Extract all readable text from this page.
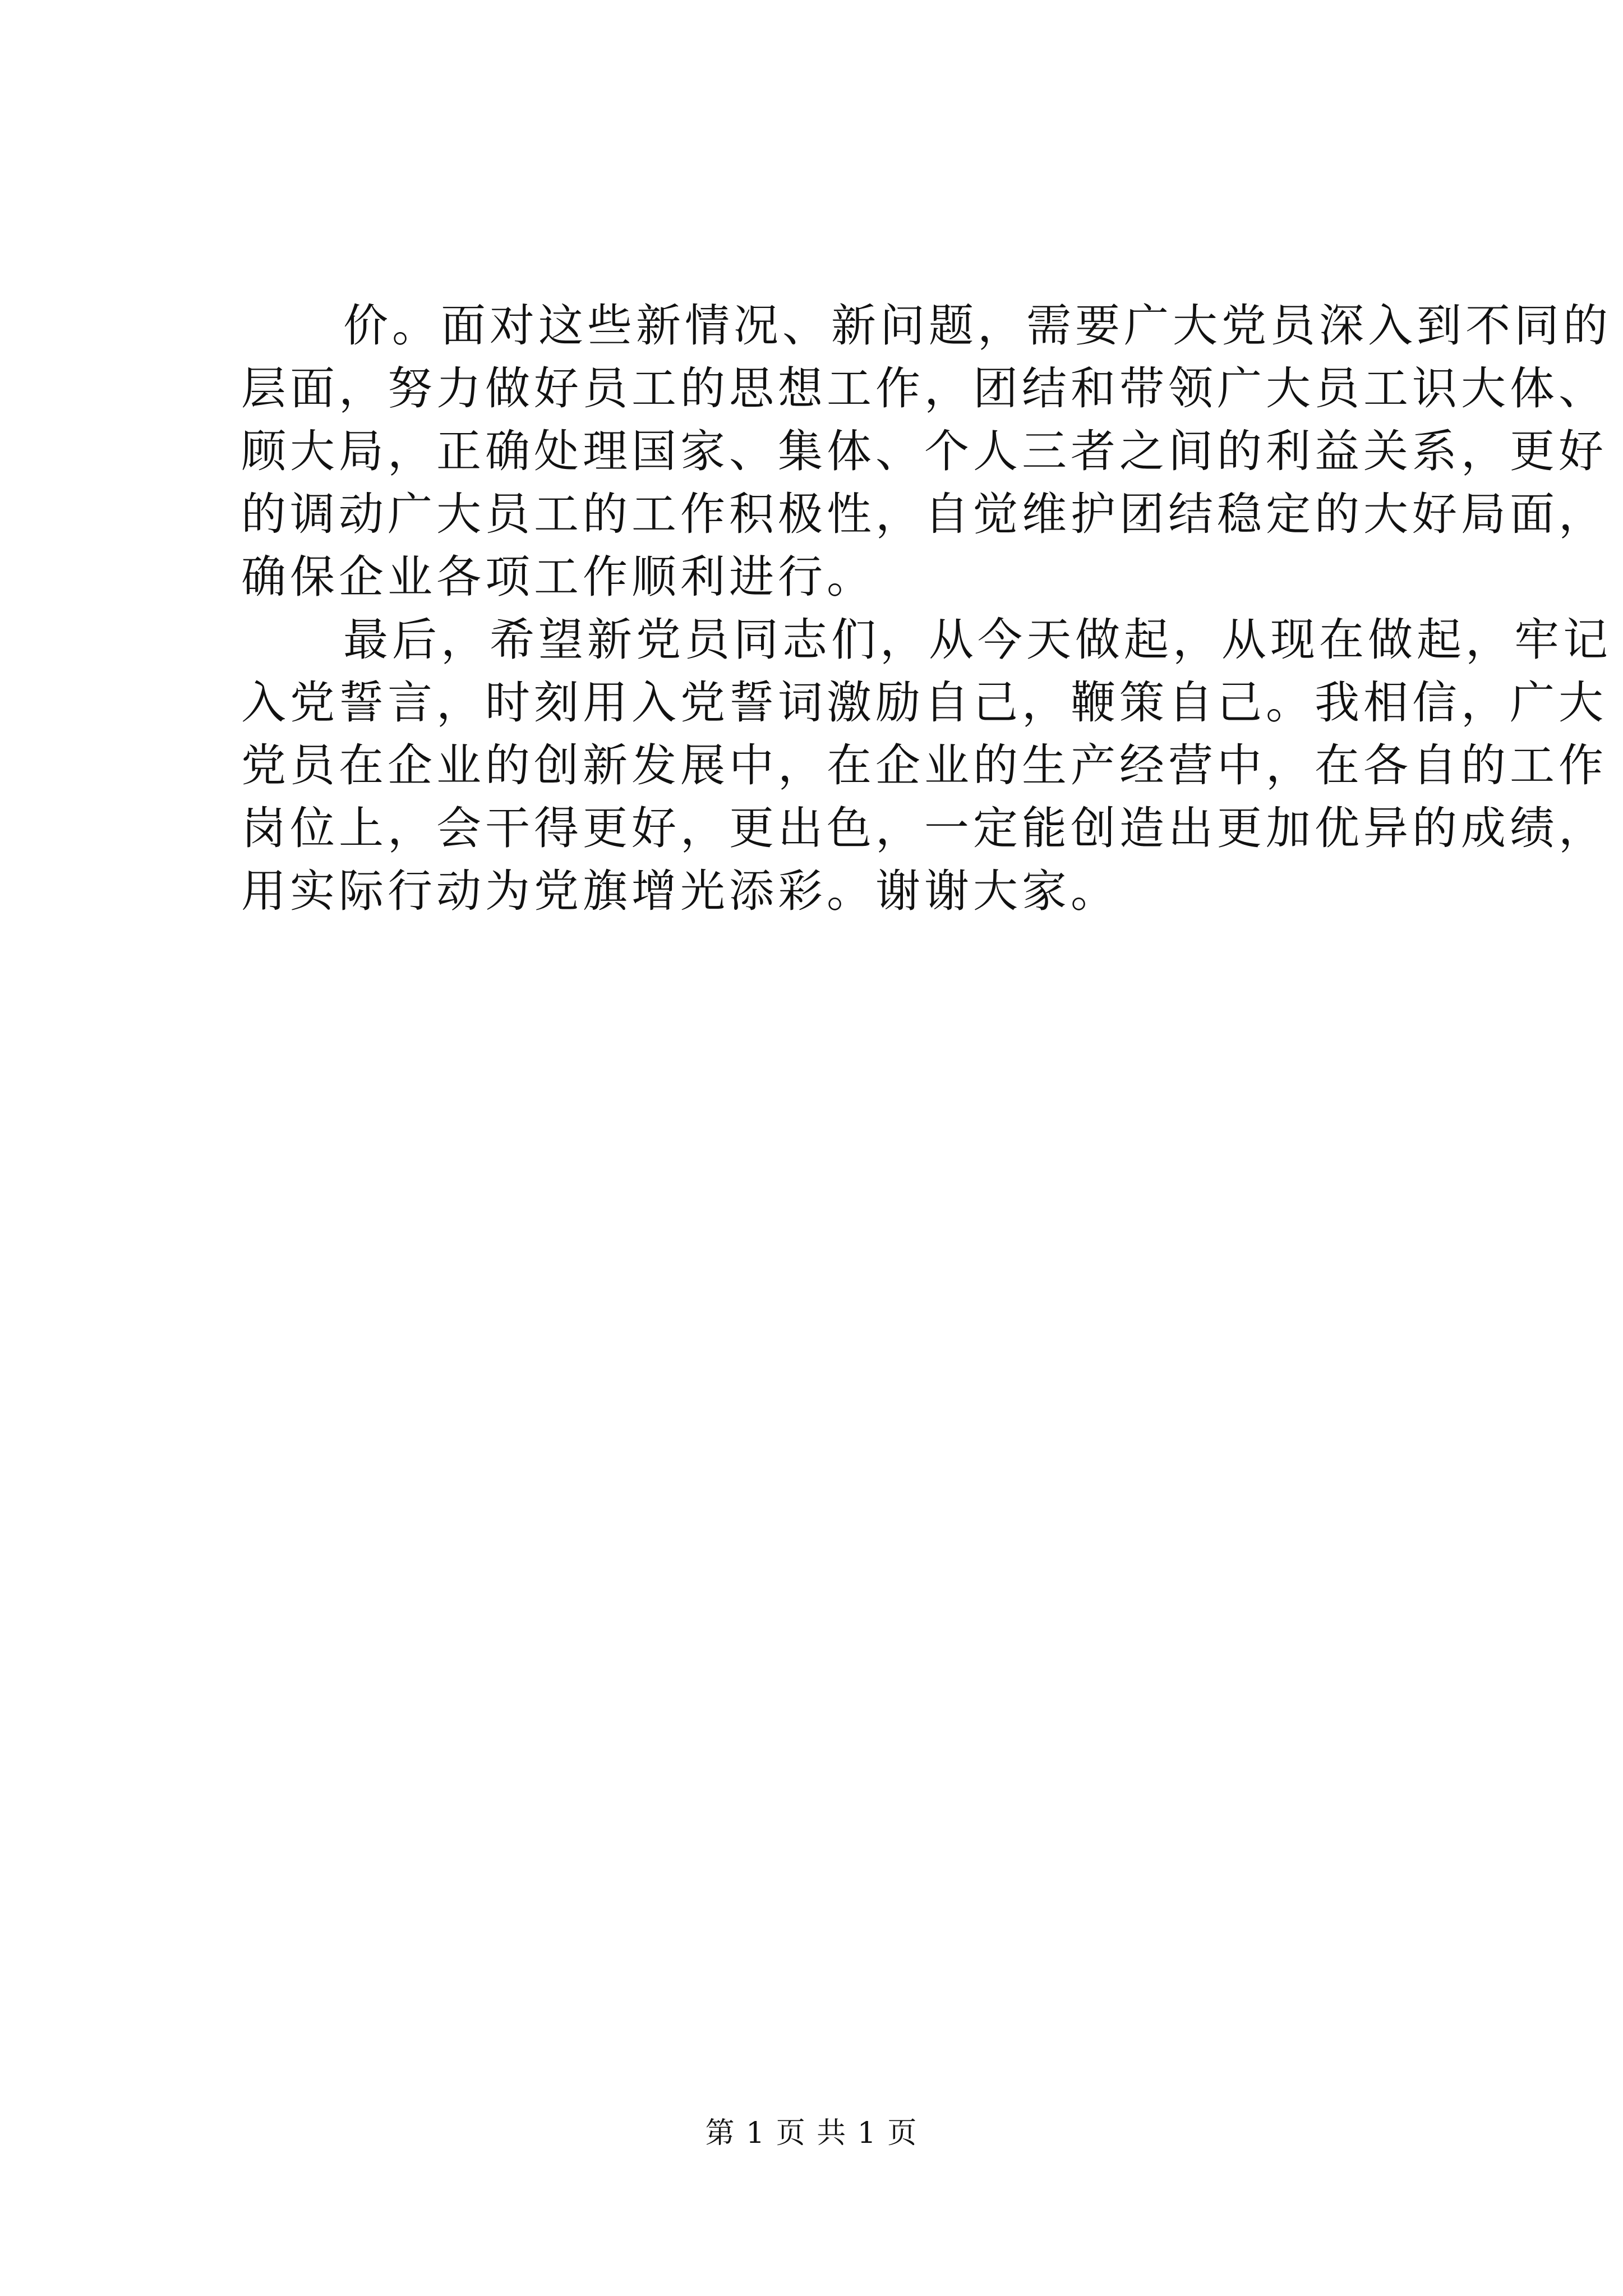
价。面对这些新情况、新问题，需要广大党员深入到不同的
层面，努力做好员工的思想工作，团结和带领广大员工识大体、
顾大局，正确处理国家、集体、个人三者之间的利益关系，更好
的调动广大员工的工作积极性，自觉维护团结稳定的大好局面，
确保企业各项工作顺利进行。
最后，希望新党员同志们，从今天做起，从现在做起，牢记
入党誓言，时刻用入党誓词激励自己，鞭策自己。我相信，广大
党员在企业的创新发展中，在企业的生产经营中，在各自的工作
岗位上，会干得更好，更出色，一定能创造出更加优异的成绩，
用实际行动为党旗增光添彩。谢谢大家。
第 1 页 共 1 页
